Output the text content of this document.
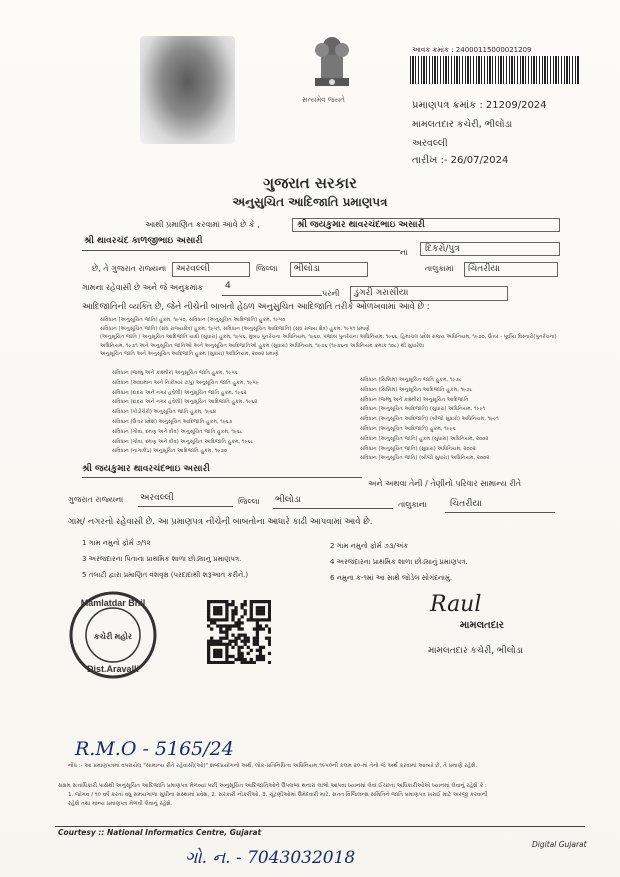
સત્યમેવ જયતે
આવક ક્રમાંક : 24000115000021209
પ્રમાણપત્ર ક્રમાંક : 21209/2024
મામલતદાર કચેરી, ભીલોડા
અરવલ્લી
તારીખ :- 26/07/2024
ગુજરાત સરકાર
અનુસુચિત આદિજાતિ પ્રમાણપત્ર
આથી પ્રમાણિત કરવામાં આવે છે કે ,	શ્રી જયકુમાર થાવરચંદભાઇ અસારી
શ્રી થાવરચંદ કાળજીભાઇ અસારી
ના	દિકરો/પુત્ર
છે, તે ગુજરાત રાજ્યના	અરવલ્લી	જિલ્લા	ભીલોડા	તાલુકામાં	ચિતરીયા
ગામના રહેવાસી છે અને જે અનુક્રમાંક 4
પરની	ડુંગરી ગરાસીયા
આદિજાતિની વ્યક્તિ છે, જેને નીચેની બાબતો હેઠળ અનુસુચિત આદિજાતિ તરીકે ઓળખવામાં આવે છે :
સંવિધાન (અનુસૂચિત જાતિ) હુકમ, ૧૯૫૦, સંવિધાન (અનુસૂચિત આદિજાતિ) હુકમ, ૧૯૫૦
સંવિધાન (અનુસૂચિત જાતિ) (સંઘ રાજ્યક્ષેત્ર) હુકમ, ૧૯૫૧, સંવિધાન (અનુસૂચિત આદિજાતિ) (સંઘ રાજ્ય ક્ષેત્ર) હુકમ, ૧૯૫૧ પ્રમાણે
(અનુસૂચિત જાતિ / અનુસૂચિત આદિજાતિ યાદી (સુધારા) હુકમ, ૧૯૫૬, મુંબઇ પુનર્રચના અધિનિયમ, ૧૯૬૦, પંજાબ પુનર્રચના અધિનિયમ, ૧૯૬૬, હિમાચલ પ્રદેશ રાજ્ય અધિનિયમ, ૧૯૭૦, ઉત્તર - પૂર્વીય વિસ્તારો(પુનર્રચના)
અધિનિયમ, ૧૯૭૧ અને અનુસૂચિત જાતિઓ અને અનુસૂચિત આદિજાતિઓ હુકમ (સુધારા) અધિનિયમ, ૧૯૭૬ (૧૯૭૬ના અધિનિયમ ક્રમાંક ૧૦૮) થી સુધારેલા
અનુસૂચિત જાતિ અને અનુસૂચિત આદિજાતિ હુકમ (સુધારા) અધિનિયમ, ૨૦૦૨ પ્રમાણે
સંવિધાન (જમ્મુ અને કાશ્મીર) અનુસૂચિત જાતિ હુકમ, ૧૯૫૬
સંવિધાન (આંદામાન અને નિકોબાર ટાપુ) અનુસૂચિત જાતિ હુકમ, ૧૯૫૯
સંવિધાન (દાદરા અને નગર હવેલી) અનુસૂચિત જાતિ હુકમ, ૧૯૬૨
સંવિધાન (દાદરા અને નગર હવેલી) અનુસૂચિત આદિજાતિ હુકમ, ૧૯૬૨
સંવિધાન (પોંડીચેરી) અનુસૂચિત જાતિ હુકમ, ૧૯૬૪
સંવિધાન (ઉત્તર પ્રદેશ) અનુસૂચિત આદિજાતિ હુકમ, ૧૯૬૭
સંવિધાન (ગોવા, દમણ અને દીવ) અનુસૂચિત જાતિ હુકમ, ૧૯૬૮
સંવિધાન (ગોવા, દમણ અને દીવ) અનુસૂચિત આદિજાતિ હુકમ, ૧૯૬૮
સંવિધાન (નાગાલેંડ) અનુસૂચિત આદિજાતિ હુકમ, ૧૯૭૦
સંવિધાન (સિક્કિમ) અનુસૂચિત જાતિ હુકમ, ૧૯૭૮
સંવિધાન (સિક્કિમ) અનુસૂચિત આદિજાતિ હુકમ, ૧૯૭૮
સંવિધાન (જમ્મુ અને કાશ્મીર) અનુસૂચિત આદિજાતિ
સંવિધાન (અનુસૂચિત આદિજાતિ) (સુધારા) અધિનિયમ, ૧૯૯૧
સંવિધાન (અનુસૂચિત આદિજાતિ) (બીજો સુધારો) અધિનિયમ, ૧૯૯૧
સંવિધાન (અનુસૂચિત આદિજાતિ) હુકમ, ૧૯૯૬
સંવિધાન (અનુસૂચિત જાતિ) હુકમ (સુધારા) અધિનિયમ, ૨૦૦૨
સંવિધાન (અનુસૂચિત જાતિ) (સુધારા) અધિનિયમ, ૨૦૦૨
સંવિધાન (અનુસૂચિત જાતિ) (બીજો સુધારા) અધિનિયમ, ૨૦૦૨
શ્રી જયકુમાર થાવરચંદભાઇ અસારી
અને અથવા તેની / તેણીનો પરિવાર સામાન્ય રીતે
ગુજરાત રાજ્યના અરવલ્લી	જિલ્લા ભીલોડા	તાલુકાના	ચિતરીયા
ગામ/ નગરનો રહેવાસી છે. આ પ્રમાણપત્ર નીચેની બાબતોના આધારે કાઢી આપવામાં આવે છે.
1 ગામ નમુનો ફોર્મ ૭/૧૨
3 અરજદારના પિતાના પ્રાથમિક શાળા છોડ્યાનું પ્રમાણપત્ર.
5 તલાટી દ્વારા પ્રમાણિત વંશવૃક્ષ (પરદાદાથી શરૂઆત કરીને.)
2 ગામ નમુનો ફોર્મ ૭૩/અંક
4 અરજદારના પ્રાથમિક શાળા છોડ્યાનું પ્રમાણપત્ર.
6 નમુના ક-૧માં આ સાથે જોડેલ સોગંદનામું.
Mamlatdar Bhil
કચેરી મહોર
Dist.Aravalli
Raul
મામલતદાર
મામલતદાર કચેરી, ભીલોડા
R.M.O - 5165/24
નોંધ :- આ પ્રમાણપત્રમાં વપરાયેલ "સામાન્ય રીતે રહેવાસી(ઓ)" શબ્દપ્રયોગનો અર્થ, લોક-પ્રતિનિધિત્વ અધિનિયમ,૧૯૫૦ની કલમ ૨૦-માં તેનો જે અર્થ કરવામાં આવ્યો છે, તે પ્રમાણે રહેશે.
સક્ષમ સત્તાધિકારી પાસેથી અનુસૂચિત આદિજાતિ પ્રમાણપત્ર મેળવ્યા પછી અનુસૂચિત આદિજાતિઓને ઉપલબ્ધ થનારા લાભો આપવા ધ્યાનમાં લેવા ઈચ્છતા અધિકારીઓએ ધ્યાનમાં લેવાનું રહેશે કે :
1. જોગવ / ૧૦ વર્ષ કરતાં વધુ સમયગાળા સુધીના સંસ્થામાં પ્રવેશ, 2. સરકારી નોકરીઓ, 3. ચૂંટણીઓમાં ઉમેદવારી માટે, સતત વિજિલન્સ સમિતિને જાતિ પ્રમાણપત્ર ખરાઈ માટે અરજી કરવાની
રહેશે તથા માન્ય પ્રમાણપત્ર મેળવી લેવાનું રહેશે.
Courtesy :: National Informatics Centre, Gujarat
Digital Gujarat
ગો. ન. - 7043032018
